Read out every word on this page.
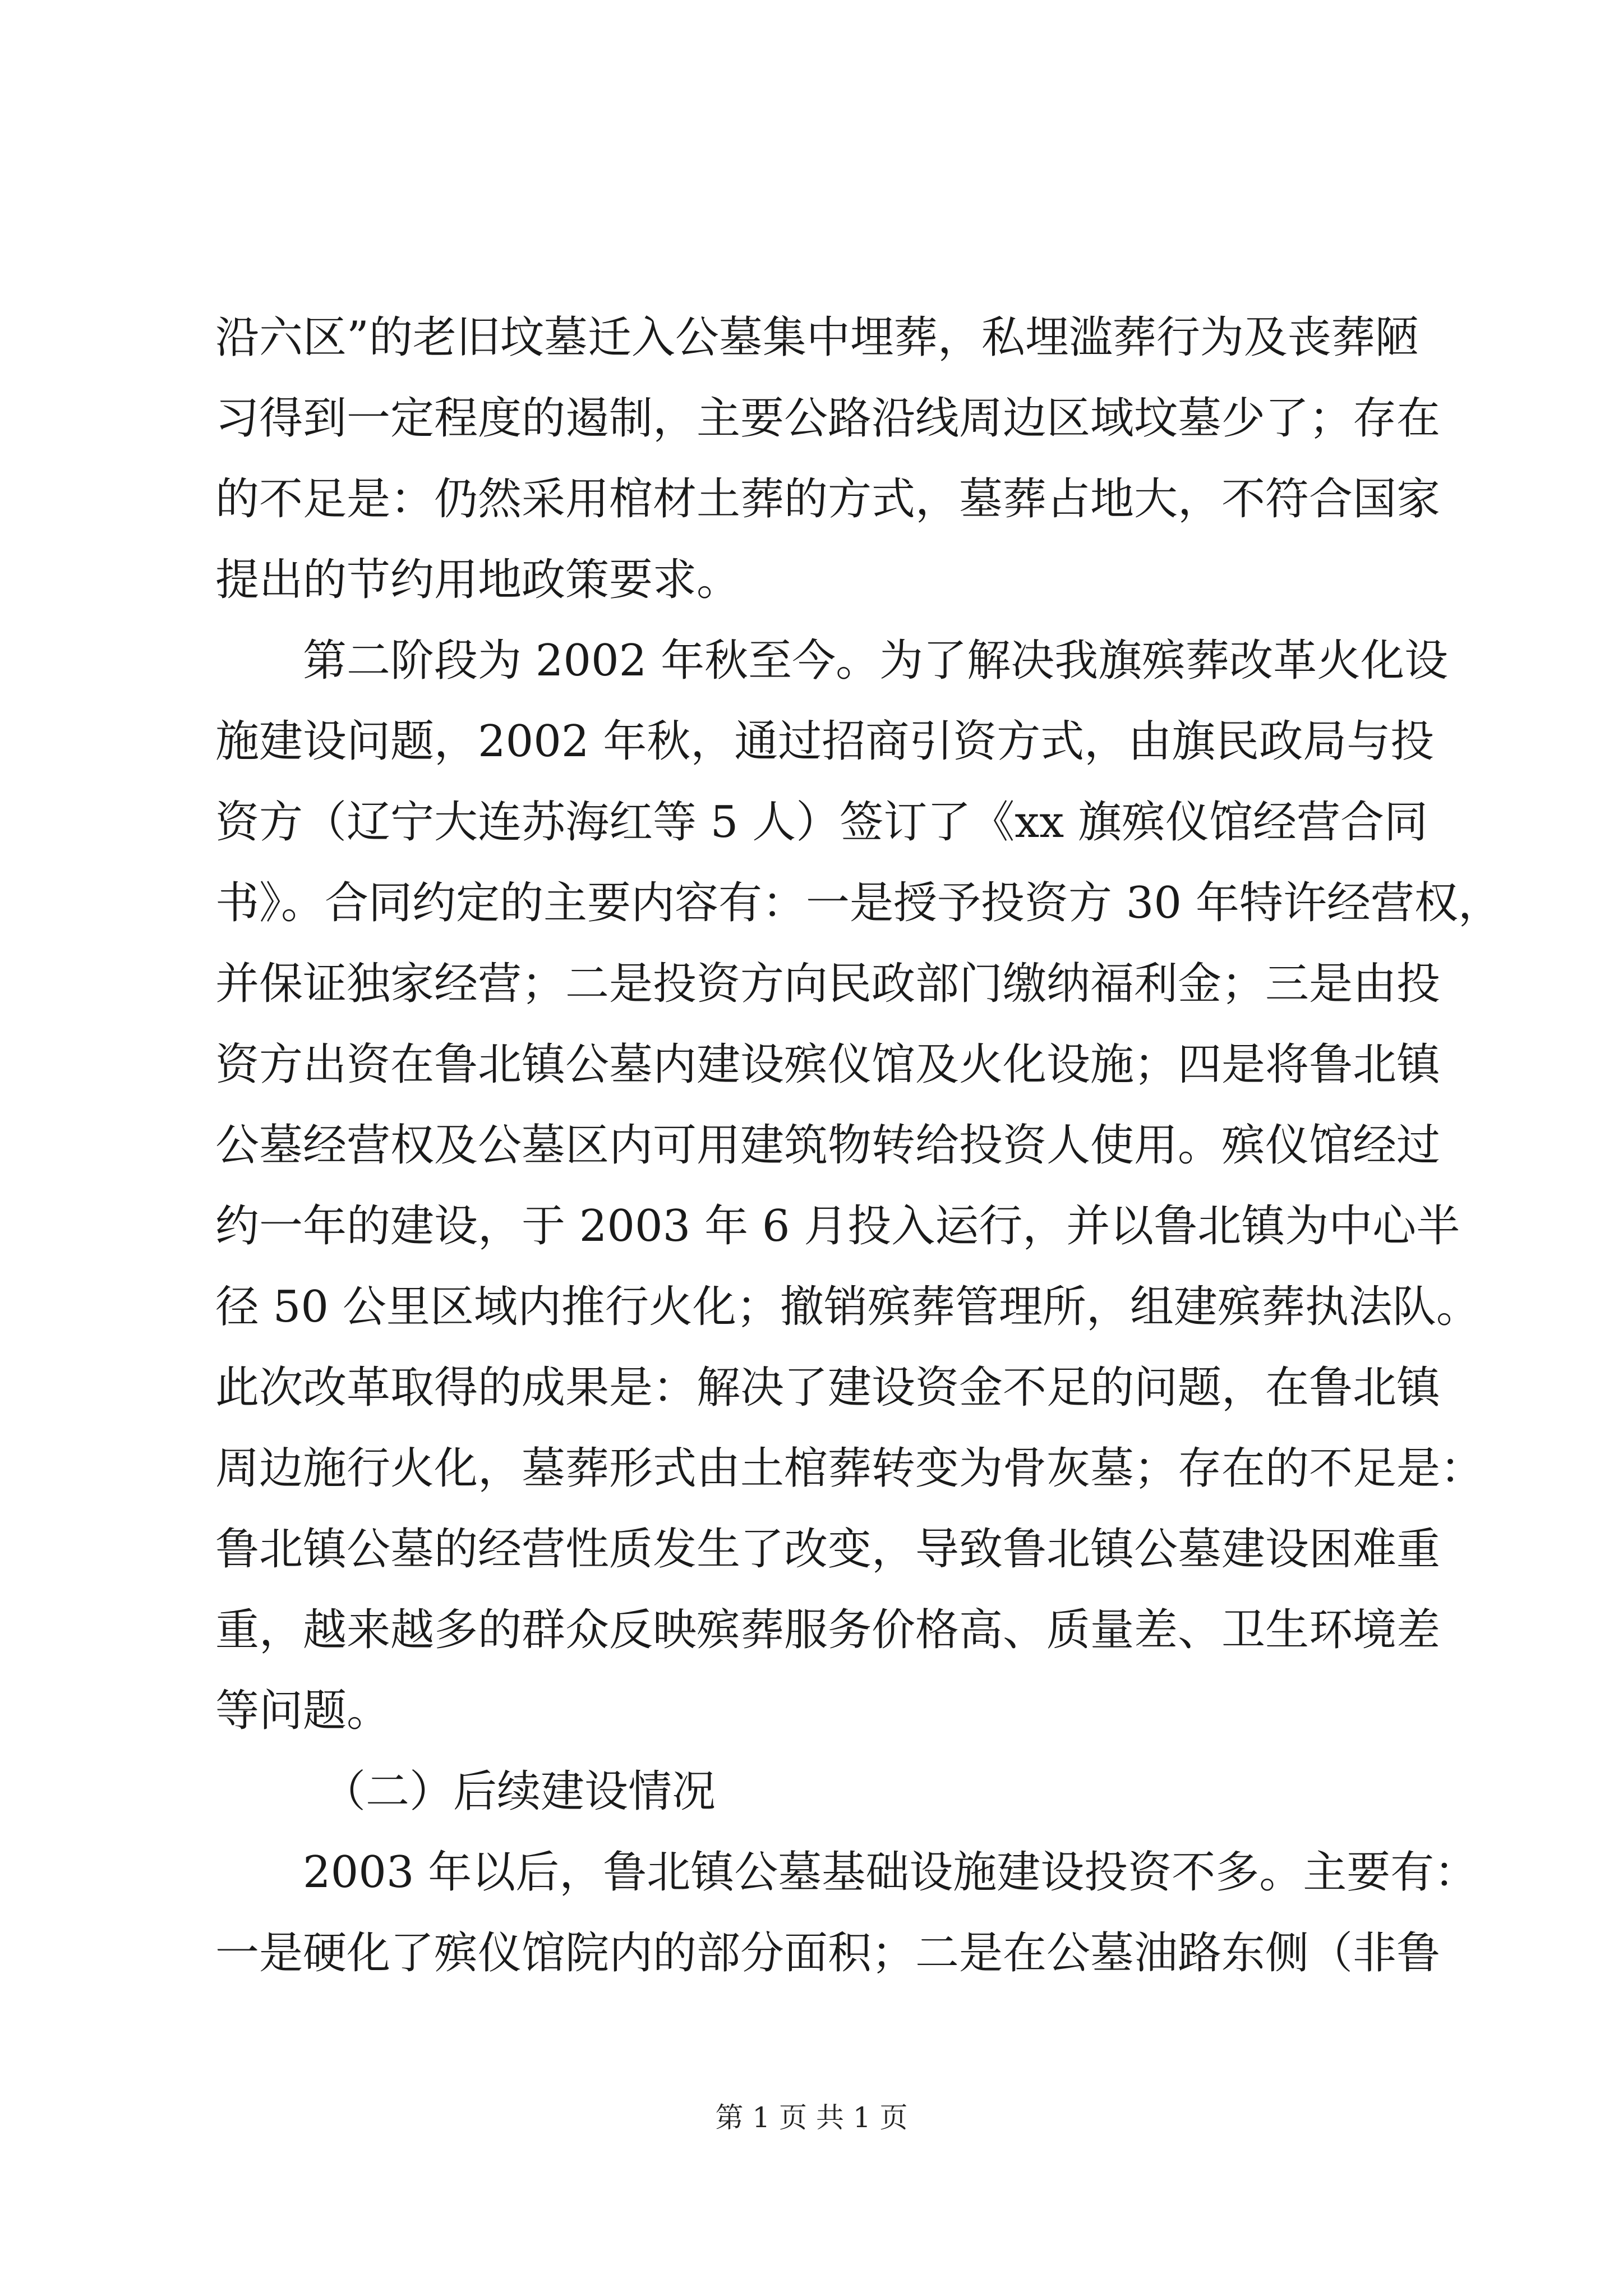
沿六区”的老旧坟墓迁入公墓集中埋葬，私埋滥葬行为及丧葬陋
习得到一定程度的遏制，主要公路沿线周边区域坟墓少了；存在
的不足是：仍然采用棺材土葬的方式，墓葬占地大，不符合国家
提出的节约用地政策要求。
第二阶段为 2002 年秋至今。为了解决我旗殡葬改革火化设
施建设问题，2002 年秋，通过招商引资方式，由旗民政局与投
资方（辽宁大连苏海红等 5 人）签订了《xx 旗殡仪馆经营合同
书》。合同约定的主要内容有：一是授予投资方 30 年特许经营权，
并保证独家经营；二是投资方向民政部门缴纳福利金；三是由投
资方出资在鲁北镇公墓内建设殡仪馆及火化设施；四是将鲁北镇
公墓经营权及公墓区内可用建筑物转给投资人使用。殡仪馆经过
约一年的建设，于 2003 年 6 月投入运行，并以鲁北镇为中心半
径 50 公里区域内推行火化；撤销殡葬管理所，组建殡葬执法队。
此次改革取得的成果是：解决了建设资金不足的问题，在鲁北镇
周边施行火化，墓葬形式由土棺葬转变为骨灰墓；存在的不足是：
鲁北镇公墓的经营性质发生了改变，导致鲁北镇公墓建设困难重
重，越来越多的群众反映殡葬服务价格高、质量差、卫生环境差
等问题。
（二）后续建设情况
2003 年以后，鲁北镇公墓基础设施建设投资不多。主要有：
一是硬化了殡仪馆院内的部分面积；二是在公墓油路东侧（非鲁
第 1 页 共 1 页
